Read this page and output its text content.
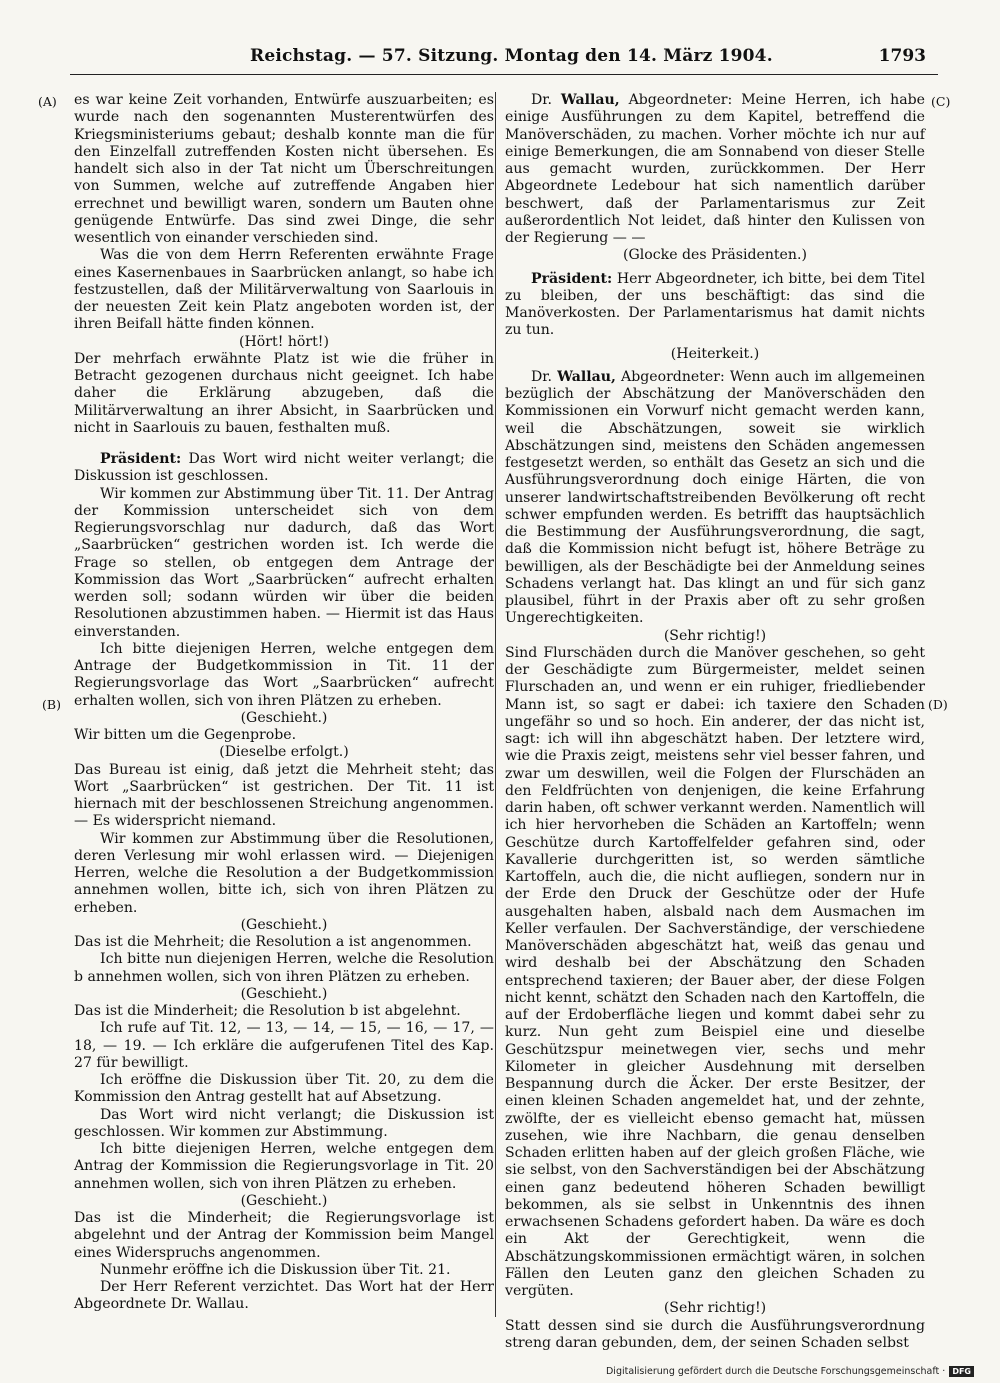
Reichstag. — 57. Sitzung. Montag den 14. März 1904.	1793
(A)
(B)
(C)
(D)

es war keine Zeit vorhanden, Entwürfe auszuarbeiten; es wurde nach den sogenannten Musterentwürfen des Kriegsministeriums gebaut; deshalb konnte man die für den Einzelfall zutreffenden Kosten nicht übersehen. Es handelt sich also in der Tat nicht um Überschreitungen von Summen, welche auf zutreffende Angaben hier errechnet und bewilligt waren, sondern um Bauten ohne genügende Entwürfe. Das sind zwei Dinge, die sehr wesentlich von einander verschieden sind.

Was die von dem Herrn Referenten erwähnte Frage eines Kasernenbaues in Saarbrücken anlangt, so habe ich festzustellen, daß der Militärverwaltung von Saarlouis in der neuesten Zeit kein Platz angeboten worden ist, der ihren Beifall hätte finden können.

(Hört! hört!)

Der mehrfach erwähnte Platz ist wie die früher in Betracht gezogenen durchaus nicht geeignet. Ich habe daher die Erklärung abzugeben, daß die Militärverwaltung an ihrer Absicht, in Saarbrücken und nicht in Saarlouis zu bauen, festhalten muß.

Präsident: Das Wort wird nicht weiter verlangt; die Diskussion ist geschlossen.

Wir kommen zur Abstimmung über Tit. 11. Der Antrag der Kommission unterscheidet sich von dem Regierungsvorschlag nur dadurch, daß das Wort „Saarbrücken“ gestrichen worden ist. Ich werde die Frage so stellen, ob entgegen dem Antrage der Kommission das Wort „Saarbrücken“ aufrecht erhalten werden soll; sodann würden wir über die beiden Resolutionen abzustimmen haben. — Hiermit ist das Haus einverstanden.

Ich bitte diejenigen Herren, welche entgegen dem Antrage der Budgetkommission in Tit. 11 der Regierungsvorlage das Wort „Saarbrücken“ aufrecht erhalten wollen, sich von ihren Plätzen zu erheben.

(Geschieht.)

Wir bitten um die Gegenprobe.

(Dieselbe erfolgt.)

Das Bureau ist einig, daß jetzt die Mehrheit steht; das Wort „Saarbrücken“ ist gestrichen. Der Tit. 11 ist hiernach mit der beschlossenen Streichung angenommen. — Es widerspricht niemand.

Wir kommen zur Abstimmung über die Resolutionen, deren Verlesung mir wohl erlassen wird. — Diejenigen Herren, welche die Resolution a der Budgetkommission annehmen wollen, bitte ich, sich von ihren Plätzen zu erheben.

(Geschieht.)

Das ist die Mehrheit; die Resolution a ist angenommen.

Ich bitte nun diejenigen Herren, welche die Resolution b annehmen wollen, sich von ihren Plätzen zu erheben.

(Geschieht.)

Das ist die Minderheit; die Resolution b ist abgelehnt.

Ich rufe auf Tit. 12, — 13, — 14, — 15, — 16, — 17, — 18, — 19. — Ich erkläre die aufgerufenen Titel des Kap. 27 für bewilligt.

Ich eröffne die Diskussion über Tit. 20, zu dem die Kommission den Antrag gestellt hat auf Absetzung.

Das Wort wird nicht verlangt; die Diskussion ist geschlossen. Wir kommen zur Abstimmung.

Ich bitte diejenigen Herren, welche entgegen dem Antrag der Kommission die Regierungsvorlage in Tit. 20 annehmen wollen, sich von ihren Plätzen zu erheben.

(Geschieht.)

Das ist die Minderheit; die Regierungsvorlage ist abgelehnt und der Antrag der Kommission beim Mangel eines Widerspruchs angenommen.

Nunmehr eröffne ich die Diskussion über Tit. 21.

Der Herr Referent verzichtet. Das Wort hat der Herr Abgeordnete Dr. Wallau.

Dr. Wallau, Abgeordneter: Meine Herren, ich habe einige Ausführungen zu dem Kapitel, betreffend die Manöverschäden, zu machen. Vorher möchte ich nur auf einige Bemerkungen, die am Sonnabend von dieser Stelle aus gemacht wurden, zurückkommen. Der Herr Abgeordnete Ledebour hat sich namentlich darüber beschwert, daß der Parlamentarismus zur Zeit außerordentlich Not leidet, daß hinter den Kulissen von der Regierung — —

(Glocke des Präsidenten.)

Präsident: Herr Abgeordneter, ich bitte, bei dem Titel zu bleiben, der uns beschäftigt: das sind die Manöverkosten. Der Parlamentarismus hat damit nichts zu tun.

(Heiterkeit.)

Dr. Wallau, Abgeordneter: Wenn auch im allgemeinen bezüglich der Abschätzung der Manöverschäden den Kommissionen ein Vorwurf nicht gemacht werden kann, weil die Abschätzungen, soweit sie wirklich Abschätzungen sind, meistens den Schäden angemessen festgesetzt werden, so enthält das Gesetz an sich und die Ausführungsverordnung doch einige Härten, die von unserer landwirtschaftstreibenden Bevölkerung oft recht schwer empfunden werden. Es betrifft das hauptsächlich die Bestimmung der Ausführungsverordnung, die sagt, daß die Kommission nicht befugt ist, höhere Beträge zu bewilligen, als der Beschädigte bei der Anmeldung seines Schadens verlangt hat. Das klingt an und für sich ganz plausibel, führt in der Praxis aber oft zu sehr großen Ungerechtigkeiten.

(Sehr richtig!)

Sind Flurschäden durch die Manöver geschehen, so geht der Geschädigte zum Bürgermeister, meldet seinen Flurschaden an, und wenn er ein ruhiger, friedliebender Mann ist, so sagt er dabei: ich taxiere den Schaden ungefähr so und so hoch. Ein anderer, der das nicht ist, sagt: ich will ihn abgeschätzt haben. Der letztere wird, wie die Praxis zeigt, meistens sehr viel besser fahren, und zwar um deswillen, weil die Folgen der Flurschäden an den Feldfrüchten von denjenigen, die keine Erfahrung darin haben, oft schwer verkannt werden. Namentlich will ich hier hervorheben die Schäden an Kartoffeln; wenn Geschütze durch Kartoffelfelder gefahren sind, oder Kavallerie durchgeritten ist, so werden sämtliche Kartoffeln, auch die, die nicht aufliegen, sondern nur in der Erde den Druck der Geschütze oder der Hufe ausgehalten haben, alsbald nach dem Ausmachen im Keller verfaulen. Der Sachverständige, der verschiedene Manöverschäden abgeschätzt hat, weiß das genau und wird deshalb bei der Abschätzung den Schaden entsprechend taxieren; der Bauer aber, der diese Folgen nicht kennt, schätzt den Schaden nach den Kartoffeln, die auf der Erdoberfläche liegen und kommt dabei sehr zu kurz. Nun geht zum Beispiel eine und dieselbe Geschützspur meinetwegen vier, sechs und mehr Kilometer in gleicher Ausdehnung mit derselben Bespannung durch die Äcker. Der erste Besitzer, der einen kleinen Schaden angemeldet hat, und der zehnte, zwölfte, der es vielleicht ebenso gemacht hat, müssen zusehen, wie ihre Nachbarn, die genau denselben Schaden erlitten haben auf der gleich großen Fläche, wie sie selbst, von den Sachverständigen bei der Abschätzung einen ganz bedeutend höheren Schaden bewilligt bekommen, als sie selbst in Unkenntnis des ihnen erwachsenen Schadens gefordert haben. Da wäre es doch ein Akt der Gerechtigkeit, wenn die Abschätzungskommissionen ermächtigt wären, in solchen Fällen den Leuten ganz den gleichen Schaden zu vergüten.

(Sehr richtig!)

Statt dessen sind sie durch die Ausführungsverordnung streng daran gebunden, dem, der seinen Schaden selbst

Digitalisierung gefördert durch die Deutsche Forschungsgemeinschaft · DFG
